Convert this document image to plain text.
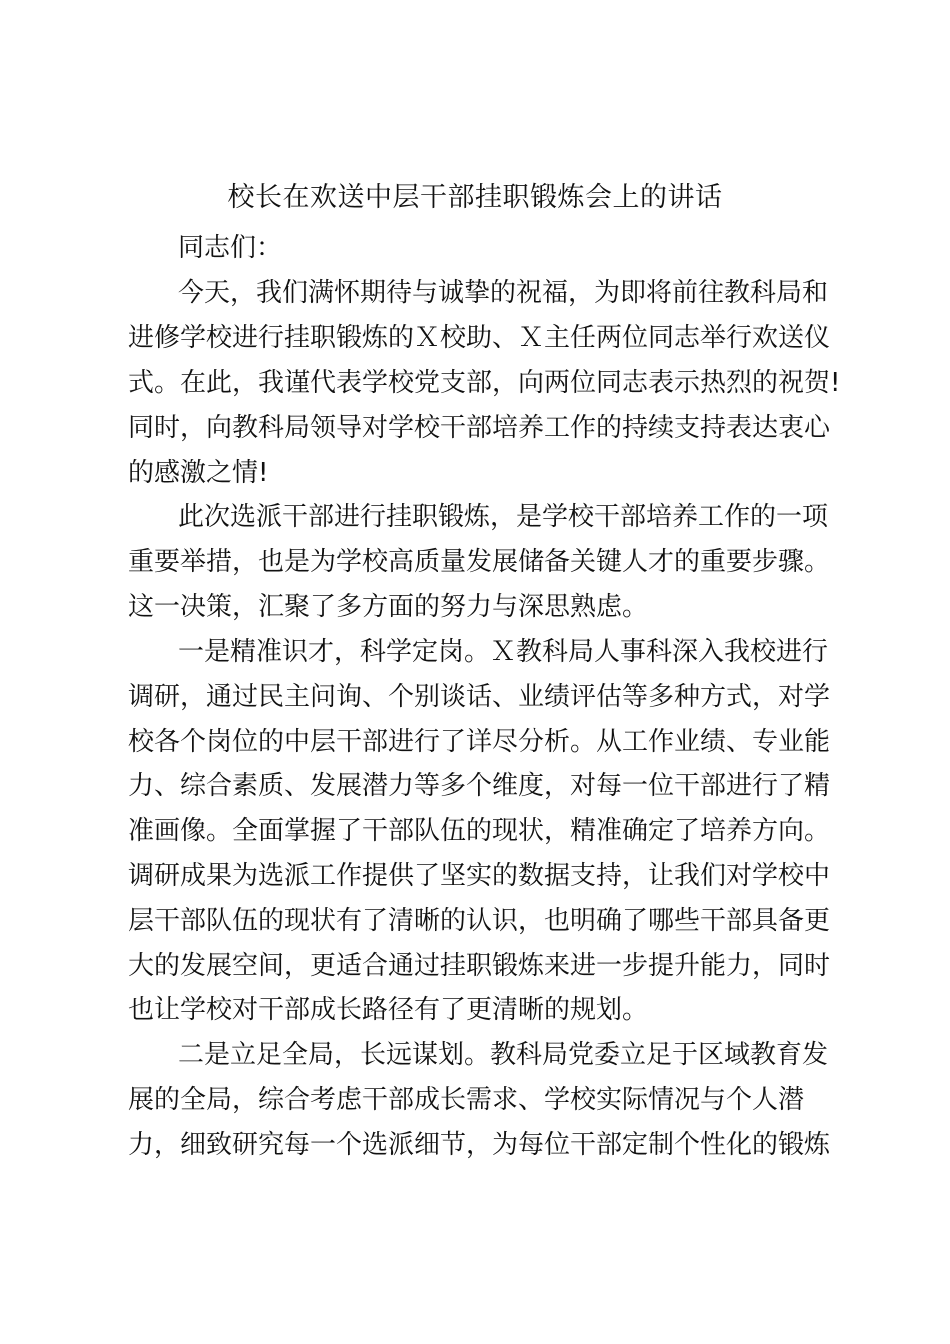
校长在欢送中层干部挂职锻炼会上的讲话

同志们：

今天，我们满怀期待与诚挚的祝福，为即将前往教科局和

进修学校进行挂职锻炼的Ｘ校助、Ｘ主任两位同志举行欢送仪

式。在此，我谨代表学校党支部，向两位同志表示热烈的祝贺!

同时，向教科局领导对学校干部培养工作的持续支持表达衷心

的感激之情!

此次选派干部进行挂职锻炼，是学校干部培养工作的一项

重要举措，也是为学校高质量发展储备关键人才的重要步骤。

这一决策，汇聚了多方面的努力与深思熟虑。

一是精准识才，科学定岗。Ｘ教科局人事科深入我校进行

调研，通过民主问询、个别谈话、业绩评估等多种方式，对学

校各个岗位的中层干部进行了详尽分析。从工作业绩、专业能

力、综合素质、发展潜力等多个维度，对每一位干部进行了精

准画像。全面掌握了干部队伍的现状，精准确定了培养方向。

调研成果为选派工作提供了坚实的数据支持，让我们对学校中

层干部队伍的现状有了清晰的认识，也明确了哪些干部具备更

大的发展空间，更适合通过挂职锻炼来进一步提升能力，同时

也让学校对干部成长路径有了更清晰的规划。

二是立足全局，长远谋划。教科局党委立足于区域教育发

展的全局，综合考虑干部成长需求、学校实际情况与个人潜

力，细致研究每一个选派细节，为每位干部定制个性化的锻炼
